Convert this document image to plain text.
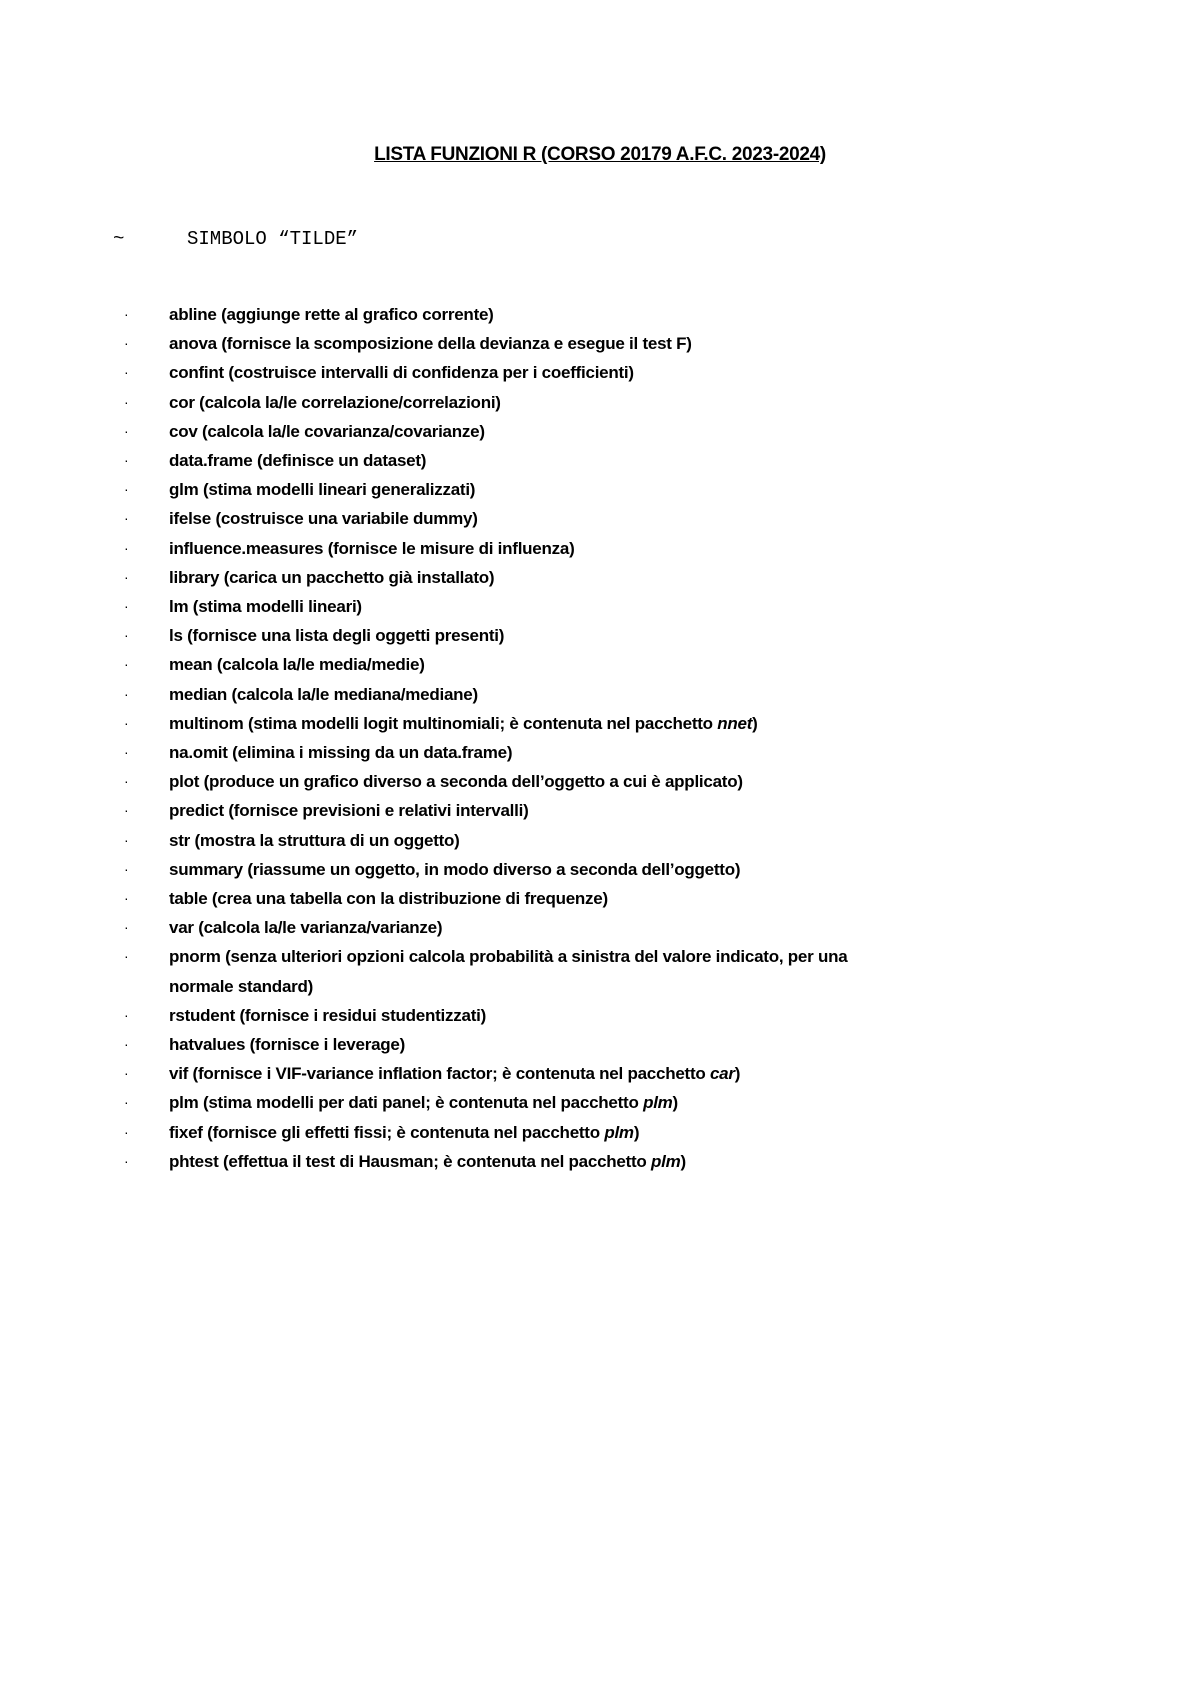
LISTA FUNZIONI R (CORSO 20179 A.F.C. 2023-2024)
~	SIMBOLO “TILDE”
· abline (aggiunge rette al grafico corrente)
· anova (fornisce la scomposizione della devianza e esegue il test F)
· confint (costruisce intervalli di confidenza per i coefficienti)
· cor (calcola la/le correlazione/correlazioni)
· cov (calcola la/le covarianza/covarianze)
· data.frame (definisce un dataset)
· glm (stima modelli lineari generalizzati)
· ifelse (costruisce una variabile dummy)
· influence.measures (fornisce le misure di influenza)
· library (carica un pacchetto già installato)
· lm (stima modelli lineari)
· ls (fornisce una lista degli oggetti presenti)
· mean (calcola la/le media/medie)
· median (calcola la/le mediana/mediane)
· multinom (stima modelli logit multinomiali; è contenuta nel pacchetto nnet)
· na.omit (elimina i missing da un data.frame)
· plot (produce un grafico diverso a seconda dell’oggetto a cui è applicato)
· predict (fornisce previsioni e relativi intervalli)
· str (mostra la struttura di un oggetto)
· summary (riassume un oggetto, in modo diverso a seconda dell’oggetto)
· table (crea una tabella con la distribuzione di frequenze)
· var (calcola la/le varianza/varianze)
· pnorm (senza ulteriori opzioni calcola probabilità a sinistra del valore indicato, per una
normale standard)
· rstudent (fornisce i residui studentizzati)
· hatvalues (fornisce i leverage)
· vif (fornisce i VIF-variance inflation factor; è contenuta nel pacchetto car)
· plm (stima modelli per dati panel; è contenuta nel pacchetto plm)
· fixef (fornisce gli effetti fissi; è contenuta nel pacchetto plm)
· phtest (effettua il test di Hausman; è contenuta nel pacchetto plm)
